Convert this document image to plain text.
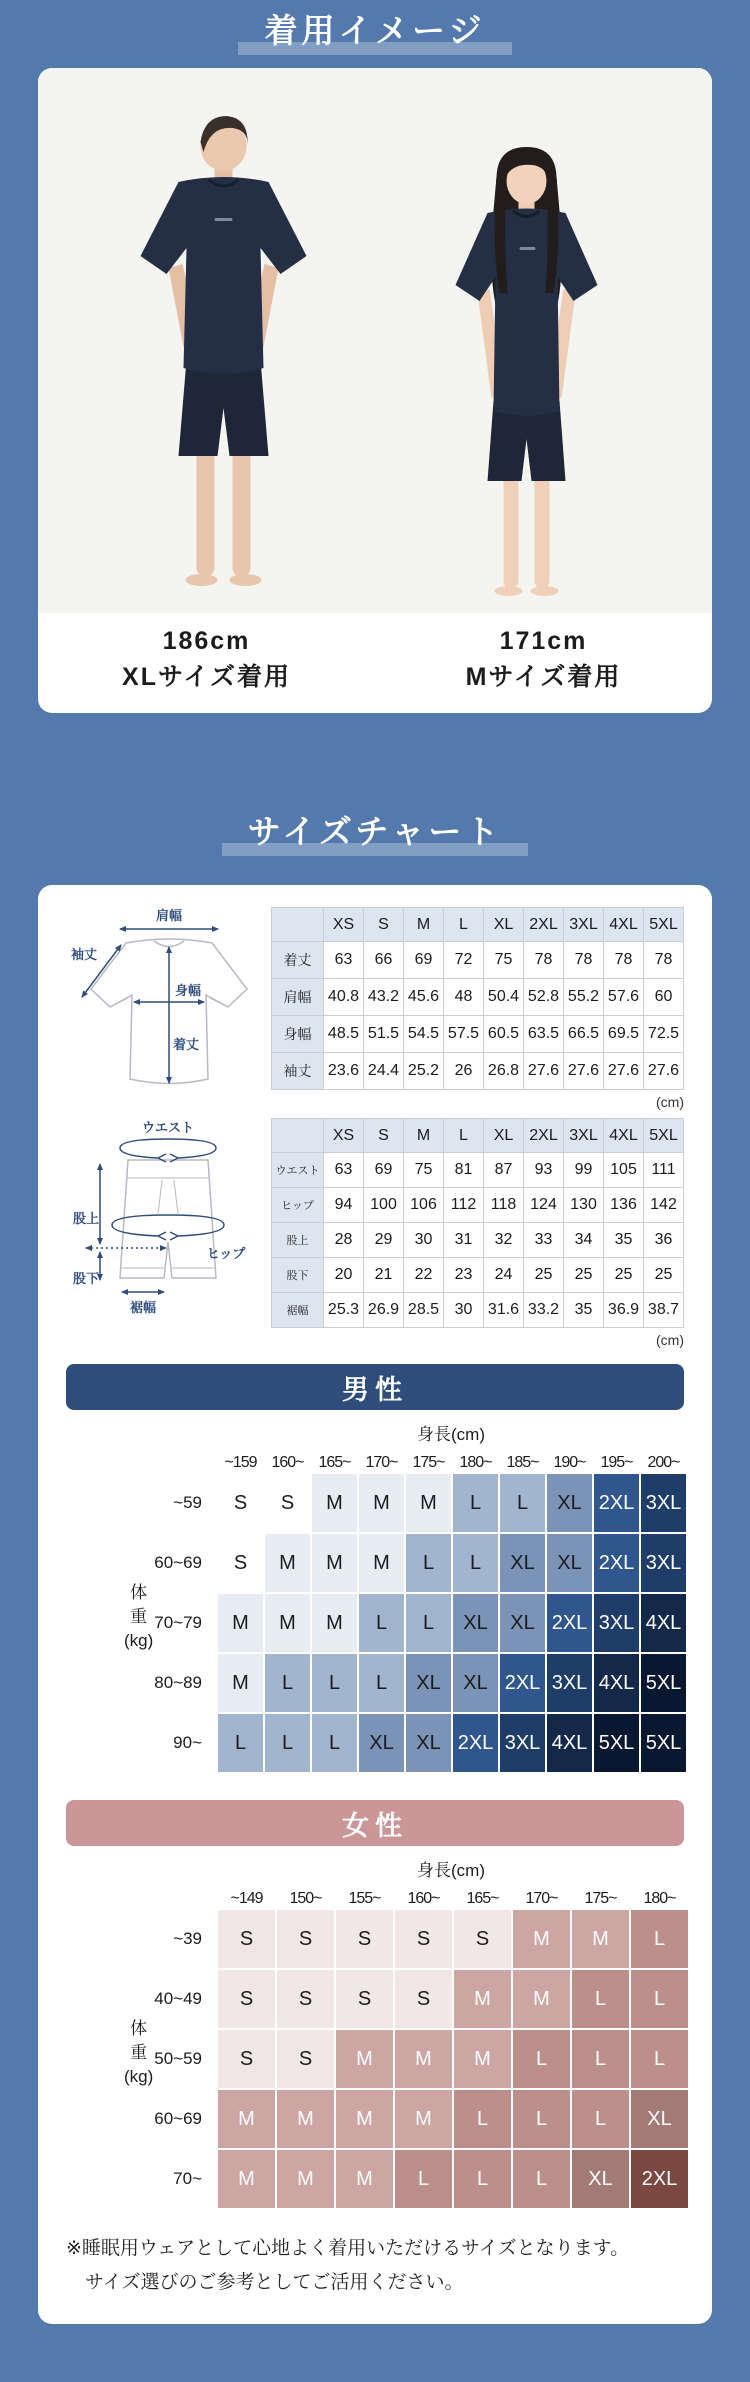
着用イメージ
186cm
XLサイズ着用
171cm
Mサイズ着用
サイズチャート
肩幅
袖丈
身幅
着丈
	XS	S	M	L	XL	2XL	3XL	4XL	5XL
着丈	63	66	69	72	75	78	78	78	78
肩幅	40.8	43.2	45.6	48	50.4	52.8	55.2	57.6	60
身幅	48.5	51.5	54.5	57.5	60.5	63.5	66.5	69.5	72.5
袖丈	23.6	24.4	25.2	26	26.8	27.6	27.6	27.6	27.6
(cm)
ウエスト
股上
ヒップ
股下
裾幅
	XS	S	M	L	XL	2XL	3XL	4XL	5XL
ウエスト	63	69	75	81	87	93	99	105	111
ヒップ	94	100	106	112	118	124	130	136	142
股上	28	29	30	31	32	33	34	35	36
股下	20	21	22	23	24	25	25	25	25
裾幅	25.3	26.9	28.5	30	31.6	33.2	35	36.9	38.7
(cm)
男性
身長(cm)
体
重
(kg)
~159 160~ 165~ 170~ 175~ 180~ 185~ 190~ 195~ 200~
~59	S	S	M	M	M	L	L	XL 2XL 3XL
60~69	S	M	M	M	L	L	XL	XL 2XL 3XL
70~79	M	M	M	L	L	XL	XL 2XL 3XL 4XL
80~89	M	L	L	L	XL	XL 2XL 3XL 4XL 5XL
90~	L	L	L	XL	XL 2XL 3XL 4XL 5XL 5XL
女性
身長(cm)
体
重
(kg)
~149	150~	155~	160~	165~	170~	175~	180~
~39	S	S	S	S	S	M	M	L
40~49	S	S	S	S	M	M	L	L
50~59	S	S	M	M	M	L	L	L
60~69	M	M	M	M	L	L	L	XL
70~	M	M	M	L	L	L	XL	2XL
※睡眠用ウェアとして心地よく着用いただけるサイズとなります。
サイズ選びのご参考としてご活用ください。
